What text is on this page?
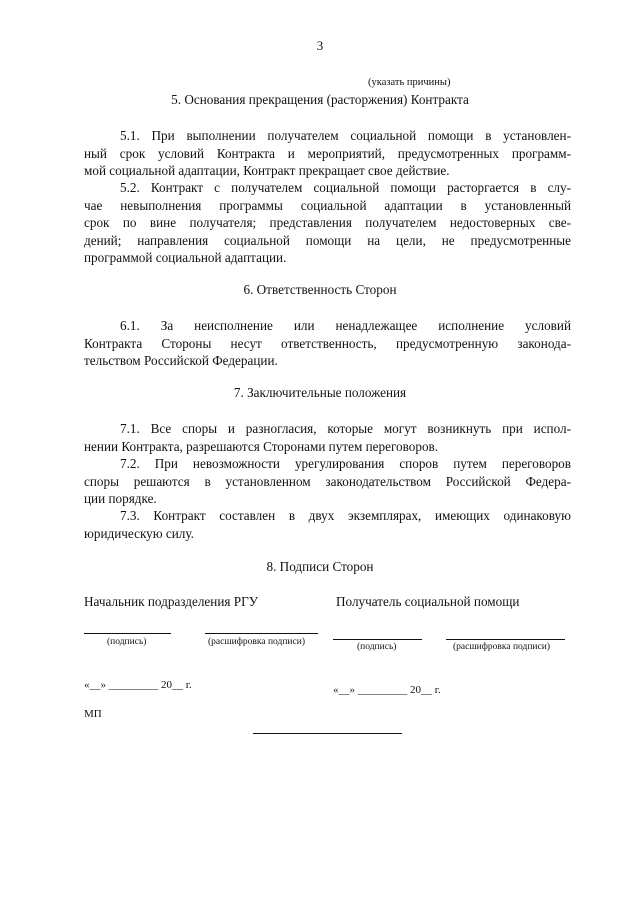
3
(указать причины)
5. Основания прекращения (расторжения) Контракта
5.1. При выполнении получателем социальной помощи в установлен-
ный срок условий Контракта и мероприятий, предусмотренных программ-
мой социальной адаптации, Контракт прекращает свое действие.
5.2. Контракт с получателем социальной помощи расторгается в слу-
чае невыполнения программы социальной адаптации в установленный
срок по вине получателя; представления получателем недостоверных све-
дений; направления социальной помощи на цели, не предусмотренные
программой социальной адаптации.
6. Ответственность Сторон
6.1. За неисполнение или ненадлежащее исполнение условий
Контракта Стороны несут ответственность, предусмотренную законода-
тельством Российской Федерации.
7. Заключительные положения
7.1. Все споры и разногласия, которые могут возникнуть при испол-
нении Контракта, разрешаются Сторонами путем переговоров.
7.2. При невозможности урегулирования споров путем переговоров
споры решаются в установленном законодательством Российской Федера-
ции порядке.
7.3. Контракт составлен в двух экземплярах, имеющих одинаковую
юридическую силу.
8. Подписи Сторон
Начальник подразделения РГУ	Получатель социальной помощи
(подпись)	(расшифровка подписи)	(подпись)	(расшифровка подписи)
«__» _________ 20__ г.	«__» _________ 20__ г.
МП
